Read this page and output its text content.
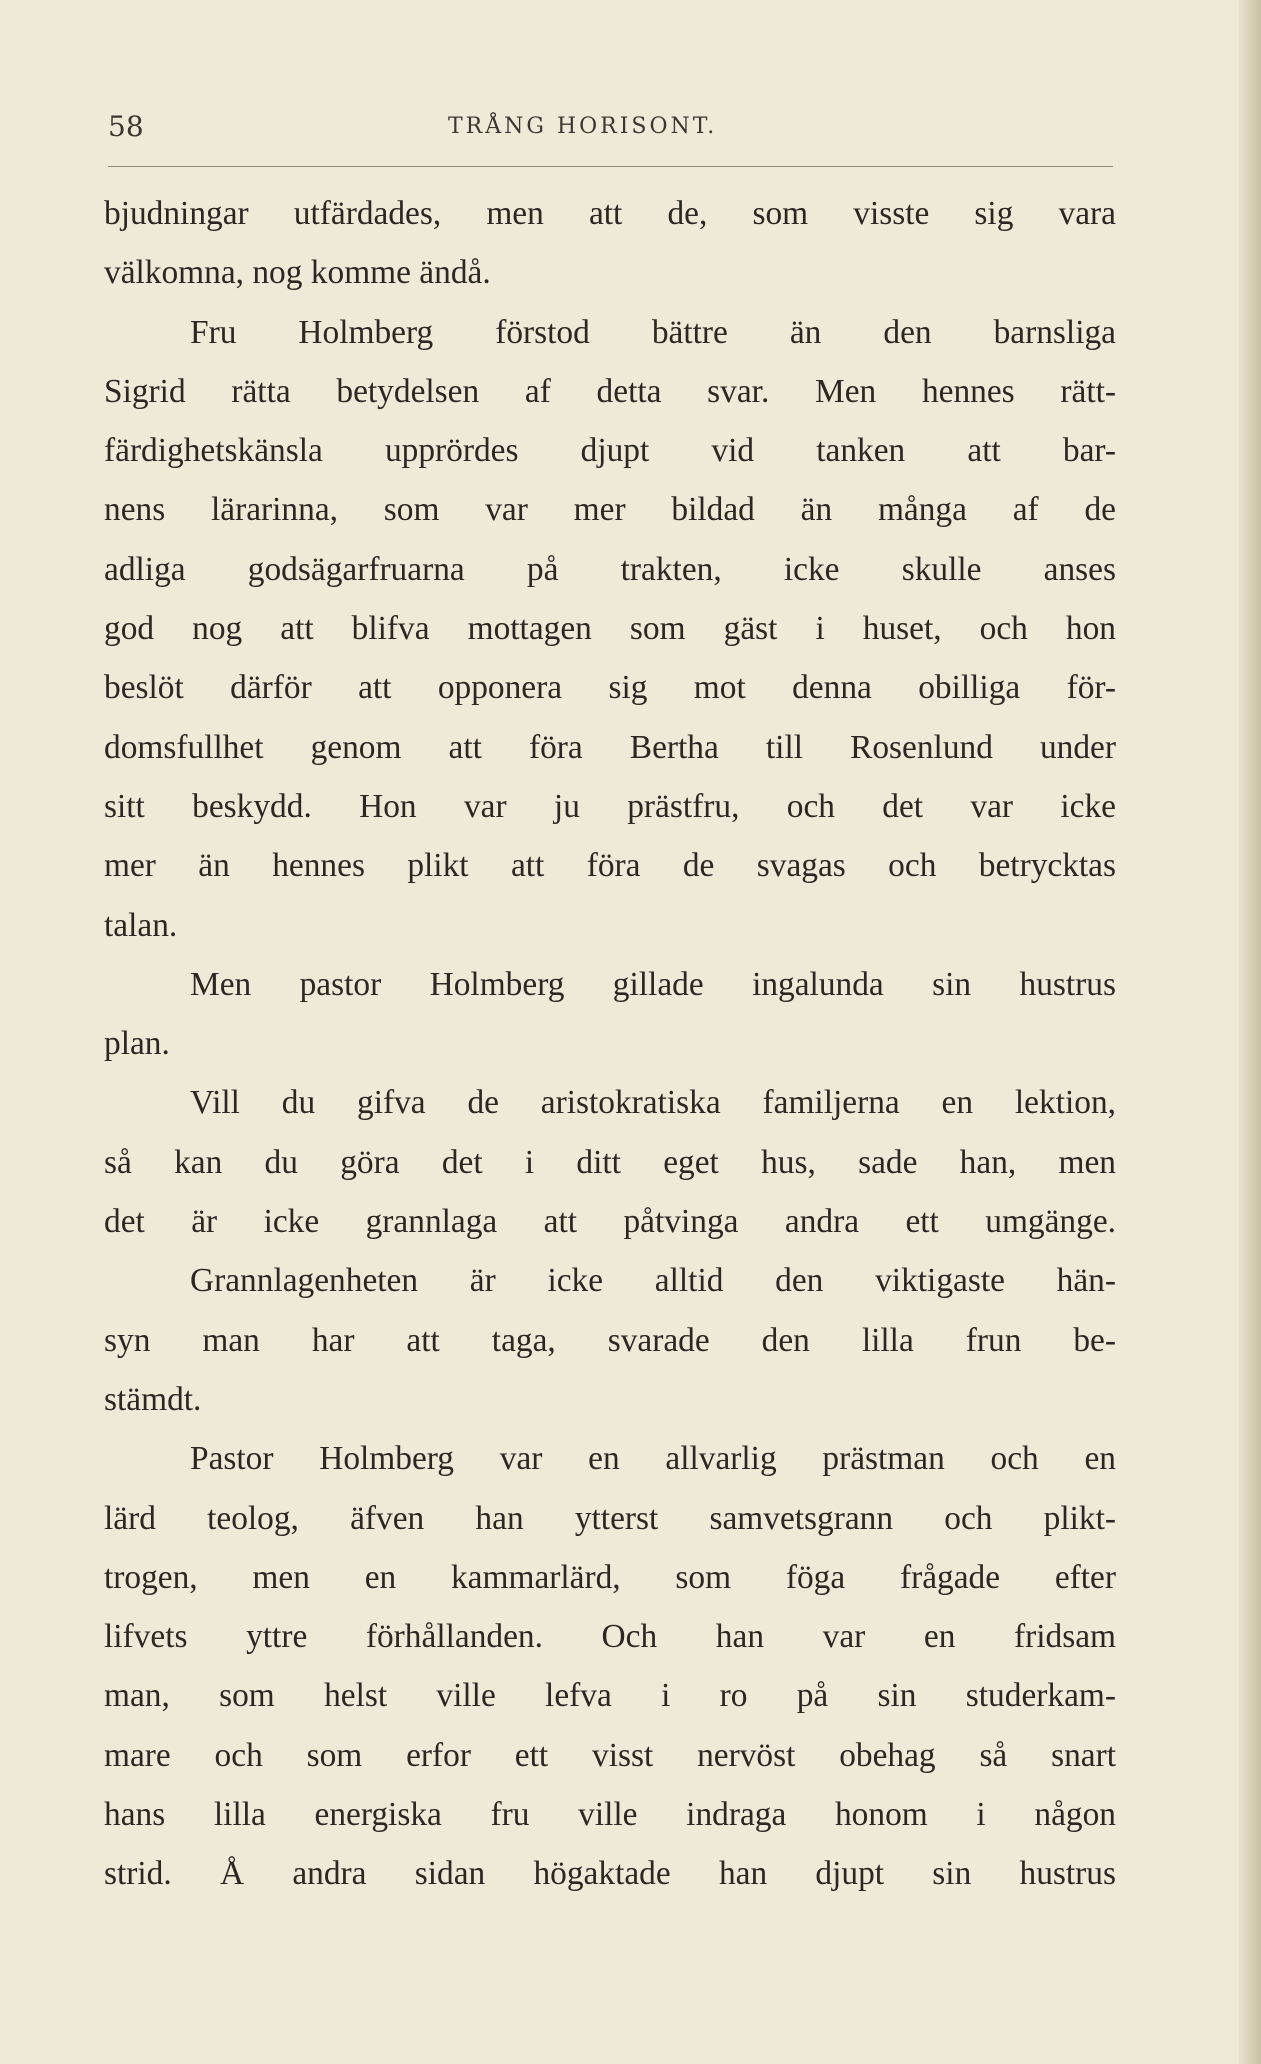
58	TRÅNG HORISONT.
bjudningar utfärdades, men att de, som visste sig vara
välkomna, nog komme ändå.
Fru Holmberg förstod bättre än den barnsliga
Sigrid rätta betydelsen af detta svar. Men hennes rätt-
färdighetskänsla upprördes djupt vid tanken att bar-
nens lärarinna, som var mer bildad än många af de
adliga godsägarfruarna på trakten, icke skulle anses
god nog att blifva mottagen som gäst i huset, och hon
beslöt därför att opponera sig mot denna obilliga för-
domsfullhet genom att föra Bertha till Rosenlund under
sitt beskydd. Hon var ju prästfru, och det var icke
mer än hennes plikt att föra de svagas och betrycktas
talan.
Men pastor Holmberg gillade ingalunda sin hustrus
plan.
Vill du gifva de aristokratiska familjerna en lektion,
så kan du göra det i ditt eget hus, sade han, men
det är icke grannlaga att påtvinga andra ett umgänge.
Grannlagenheten är icke alltid den viktigaste hän-
syn man har att taga, svarade den lilla frun be-
stämdt.
Pastor Holmberg var en allvarlig prästman och en
lärd teolog, äfven han ytterst samvetsgrann och plikt-
trogen, men en kammarlärd, som föga frågade efter
lifvets yttre förhållanden. Och han var en fridsam
man, som helst ville lefva i ro på sin studerkam-
mare och som erfor ett visst nervöst obehag så snart
hans lilla energiska fru ville indraga honom i någon
strid. Å andra sidan högaktade han djupt sin hustrus
